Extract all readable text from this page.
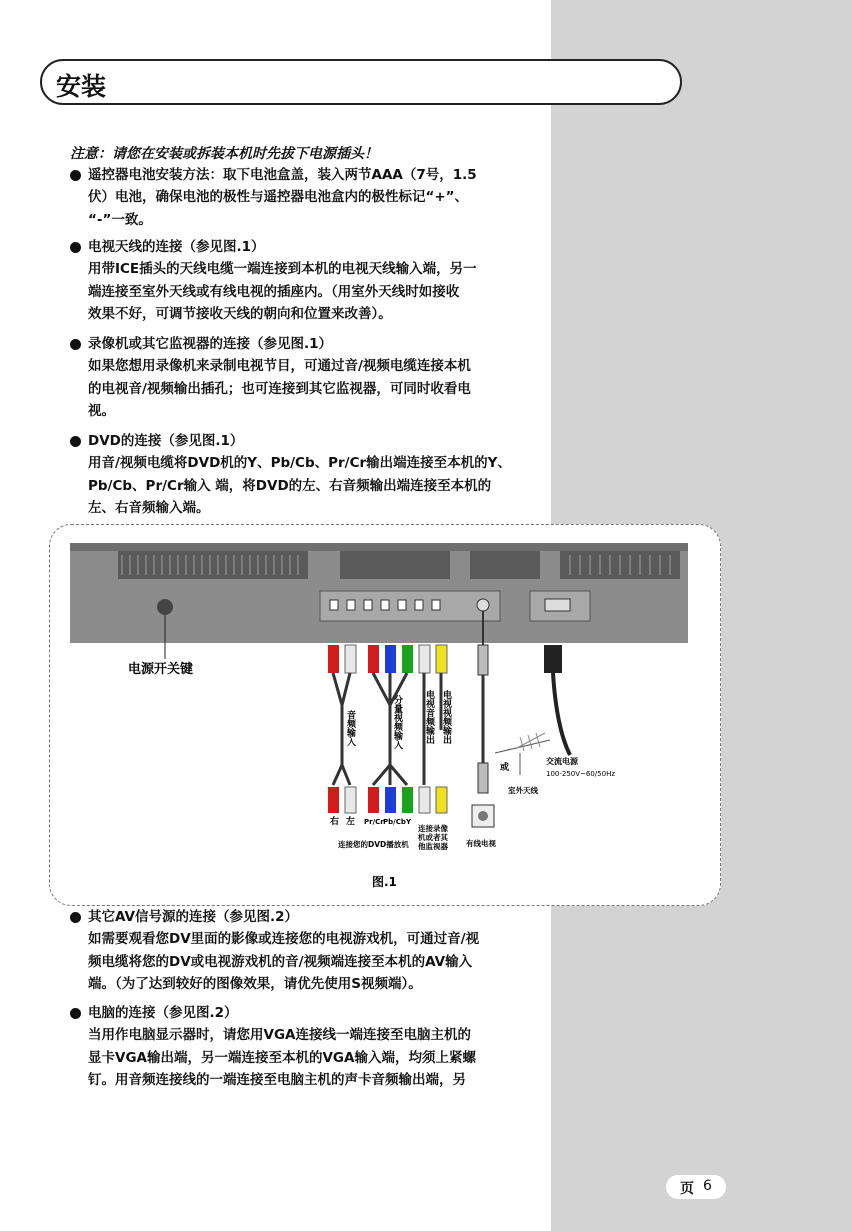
安装
注意：请您在安装或拆装本机时先拔下电源插头！
遥控器电池安装方法：取下电池盒盖，装入两节AAA（7号，1.5
伏）电池，确保电池的极性与遥控器电池盒内的极性标记“+”、
“-”一致。
电视天线的连接（参见图.1）
用带ICE插头的天线电缆一端连接到本机的电视天线输入端，另一
端连接至室外天线或有线电视的插座内。（用室外天线时如接收
效果不好，可调节接收天线的朝向和位置来改善）。
录像机或其它监视器的连接（参见图.1）
如果您想用录像机来录制电视节目，可通过音/视频电缆连接本机
的电视音/视频输出插孔；也可连接到其它监视器，可同时收看电
视。
DVD的连接（参见图.1）
用音/视频电缆将DVD机的Y、Pb/Cb、Pr/Cr输出端连接至本机的Y、
Pb/Cb、Pr/Cr输入 端，将DVD的左、右音频输出端连接至本机的
左、右音频输入端。
电源开关键
音频输入	分量视频输入 电视音频输出 电视视频输出
右 左 Pr/Cr Pb/Cb Y
连接您的DVD播放机
连接录像
机或者其
他监视器 有线电视
或
室外天线
交流电源
100-250V~60/50Hz
图.1
其它AV信号源的连接（参见图.2）
如需要观看您DV里面的影像或连接您的电视游戏机，可通过音/视
频电缆将您的DV或电视游戏机的音/视频端连接至本机的AV输入
端。（为了达到较好的图像效果，请优先使用S视频端）。
电脑的连接（参见图.2）
当用作电脑显示器时，请您用VGA连接线一端连接至电脑主机的
显卡VGA输出端，另一端连接至本机的VGA输入端，均须上紧螺
钉。用音频连接线的一端连接至电脑主机的声卡音频输出端，另
页 6
